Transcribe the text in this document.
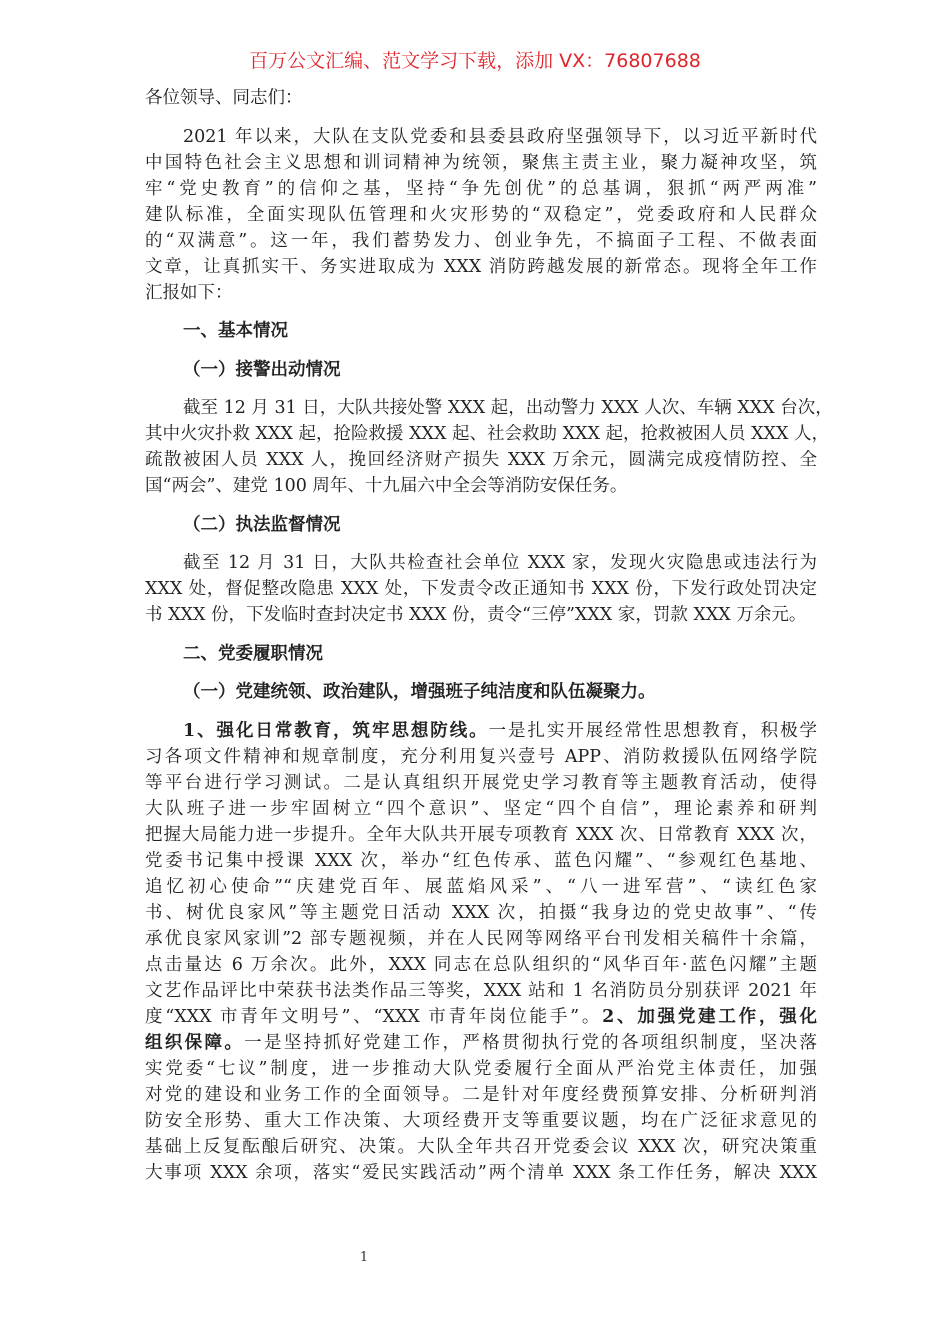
百万公文汇编、范文学习下载，添加 VX：76807688
各位领导、同志们：
2021 年以来，大队在支队党委和县委县政府坚强领导下，以习近平新时代
中国特色社会主义思想和训词精神为统领，聚焦主责主业，聚力凝神攻坚，筑
牢“党史教育”的信仰之基，坚持“争先创优”的总基调，狠抓“两严两准”
建队标准，全面实现队伍管理和火灾形势的“双稳定”，党委政府和人民群众
的“双满意”。这一年，我们蓄势发力、创业争先，不搞面子工程、不做表面
文章，让真抓实干、务实进取成为 XXX 消防跨越发展的新常态。现将全年工作
汇报如下：
一、基本情况
（一）接警出动情况
截至 12 月 31 日，大队共接处警 XXX 起，出动警力 XXX 人次、车辆 XXX 台次，
其中火灾扑救 XXX 起，抢险救援 XXX 起、社会救助 XXX 起，抢救被困人员 XXX 人，
疏散被困人员 XXX 人，挽回经济财产损失 XXX 万余元，圆满完成疫情防控、全
国“两会”、建党 100 周年、十九届六中全会等消防安保任务。
（二）执法监督情况
截至 12 月 31 日，大队共检查社会单位 XXX 家，发现火灾隐患或违法行为
XXX 处，督促整改隐患 XXX 处，下发责令改正通知书 XXX 份，下发行政处罚决定
书 XXX 份，下发临时查封决定书 XXX 份，责令“三停”XXX 家，罚款 XXX 万余元。
二、党委履职情况
（一）党建统领、政治建队，增强班子纯洁度和队伍凝聚力。
1、强化日常教育，筑牢思想防线。一是扎实开展经常性思想教育，积极学
习各项文件精神和规章制度，充分利用复兴壹号 APP、消防救援队伍网络学院
等平台进行学习测试。二是认真组织开展党史学习教育等主题教育活动，使得
大队班子进一步牢固树立“四个意识”、坚定“四个自信”，理论素养和研判
把握大局能力进一步提升。全年大队共开展专项教育 XXX 次、日常教育 XXX 次，
党委书记集中授课 XXX 次，举办“红色传承、蓝色闪耀”、“参观红色基地、
追忆初心使命”“庆建党百年、展蓝焰风采”、“八一进军营”、“读红色家
书、树优良家风”等主题党日活动 XXX 次，拍摄“我身边的党史故事”、“传
承优良家风家训”2 部专题视频，并在人民网等网络平台刊发相关稿件十余篇，
点击量达 6 万余次。此外，XXX 同志在总队组织的“风华百年·蓝色闪耀”主题
文艺作品评比中荣获书法类作品三等奖，XXX 站和 1 名消防员分别获评 2021 年
度“XXX 市青年文明号”、“XXX 市青年岗位能手”。2、加强党建工作，强化
组织保障。一是坚持抓好党建工作，严格贯彻执行党的各项组织制度，坚决落
实党委“七议”制度，进一步推动大队党委履行全面从严治党主体责任，加强
对党的建设和业务工作的全面领导。二是针对年度经费预算安排、分析研判消
防安全形势、重大工作决策、大项经费开支等重要议题，均在广泛征求意见的
基础上反复酝酿后研究、决策。大队全年共召开党委会议 XXX 次，研究决策重
大事项 XXX 余项，落实“爱民实践活动”两个清单 XXX 条工作任务，解决 XXX
1
